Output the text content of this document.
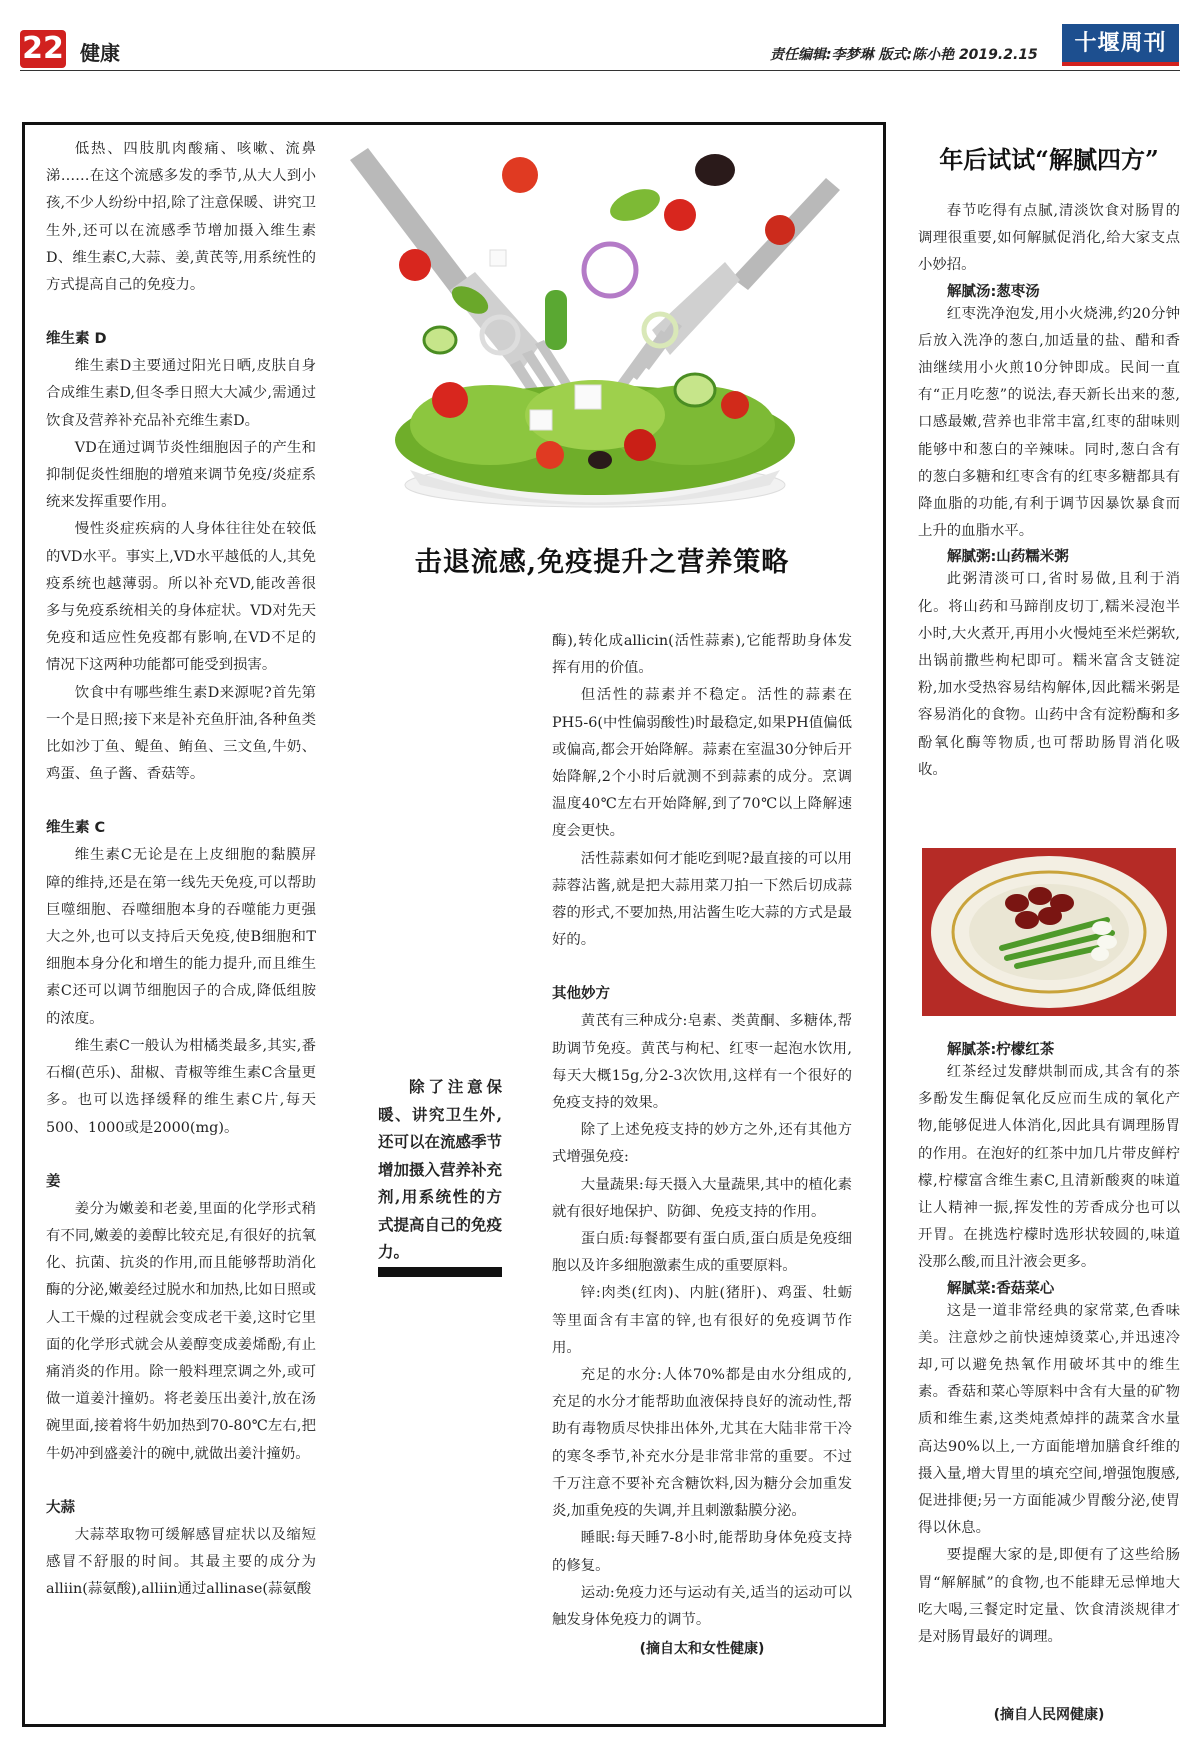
22 健康	责任编辑:李梦琳 版式:陈小艳 2019.2.15	十堰周刊
击退流感,免疫提升之营养策略

低热、四肢肌肉酸痛、咳嗽、流鼻涕……在这个流感多发的季节,从大人到小孩,不少人纷纷中招,除了注意保暖、讲究卫生外,还可以在流感季节增加摄入维生素D、维生素C,大蒜、姜,黄芪等,用系统性的方式提高自己的免疫力。

维生素 D

维生素D主要通过阳光日晒,皮肤自身合成维生素D,但冬季日照大大减少,需通过饮食及营养补充品补充维生素D。

VD在通过调节炎性细胞因子的产生和抑制促炎性细胞的增殖来调节免疫/炎症系统来发挥重要作用。

慢性炎症疾病的人身体往往处在较低的VD水平。事实上,VD水平越低的人,其免疫系统也越薄弱。所以补充VD,能改善很多与免疫系统相关的身体症状。VD对先天免疫和适应性免疫都有影响,在VD不足的情况下这两种功能都可能受到损害。

饮食中有哪些维生素D来源呢?首先第一个是日照;接下来是补充鱼肝油,各种鱼类比如沙丁鱼、鳀鱼、鲔鱼、三文鱼,牛奶、鸡蛋、鱼子酱、香菇等。

维生素 C

维生素C无论是在上皮细胞的黏膜屏障的维持,还是在第一线先天免疫,可以帮助巨噬细胞、吞噬细胞本身的吞噬能力更强大之外,也可以支持后天免疫,使B细胞和T细胞本身分化和增生的能力提升,而且维生素C还可以调节细胞因子的合成,降低组胺的浓度。

维生素C一般认为柑橘类最多,其实,番石榴(芭乐)、甜椒、青椒等维生素C含量更多。也可以选择缓释的维生素C片,每天500、1000或是2000(mg)。

姜

姜分为嫩姜和老姜,里面的化学形式稍有不同,嫩姜的姜醇比较充足,有很好的抗氧化、抗菌、抗炎的作用,而且能够帮助消化酶的分泌,嫩姜经过脱水和加热,比如日照或人工干燥的过程就会变成老干姜,这时它里面的化学形式就会从姜醇变成姜烯酚,有止痛消炎的作用。除一般料理烹调之外,或可做一道姜汁撞奶。将老姜压出姜汁,放在汤碗里面,接着将牛奶加热到70-80℃左右,把牛奶冲到盛姜汁的碗中,就做出姜汁撞奶。

大蒜

大蒜萃取物可缓解感冒症状以及缩短感冒不舒服的时间。其最主要的成分为alliin(蒜氨酸),alliin通过allinase(蒜氨酸

除了注意保暖、讲究卫生外,还可以在流感季节增加摄入营养补充剂,用系统性的方式提高自己的免疫力。

酶),转化成allicin(活性蒜素),它能帮助身体发挥有用的价值。

但活性的蒜素并不稳定。活性的蒜素在PH5-6(中性偏弱酸性)时最稳定,如果PH值偏低或偏高,都会开始降解。蒜素在室温30分钟后开始降解,2个小时后就测不到蒜素的成分。烹调温度40℃左右开始降解,到了70℃以上降解速度会更快。

活性蒜素如何才能吃到呢?最直接的可以用蒜蓉沾酱,就是把大蒜用菜刀拍一下然后切成蒜蓉的形式,不要加热,用沾酱生吃大蒜的方式是最好的。

其他妙方

黄芪有三种成分:皂素、类黄酮、多糖体,帮助调节免疫。黄芪与枸杞、红枣一起泡水饮用,每天大概15g,分2-3次饮用,这样有一个很好的免疫支持的效果。

除了上述免疫支持的妙方之外,还有其他方式增强免疫:

大量蔬果:每天摄入大量蔬果,其中的植化素就有很好地保护、防御、免疫支持的作用。

蛋白质:每餐都要有蛋白质,蛋白质是免疫细胞以及许多细胞激素生成的重要原料。

锌:肉类(红肉)、内脏(猪肝)、鸡蛋、牡蛎等里面含有丰富的锌,也有很好的免疫调节作用。

充足的水分:人体70%都是由水分组成的,充足的水分才能帮助血液保持良好的流动性,帮助有毒物质尽快排出体外,尤其在大陆非常干冷的寒冬季节,补充水分是非常非常的重要。不过千万注意不要补充含糖饮料,因为糖分会加重发炎,加重免疫的失调,并且刺激黏膜分泌。

睡眠:每天睡7-8小时,能帮助身体免疫支持的修复。

运动:免疫力还与运动有关,适当的运动可以触发身体免疫力的调节。

(摘自太和女性健康)
年后试试“解腻四方”

春节吃得有点腻,清淡饮食对肠胃的调理很重要,如何解腻促消化,给大家支点小妙招。

解腻汤:葱枣汤

红枣洗净泡发,用小火烧沸,约20分钟后放入洗净的葱白,加适量的盐、醋和香油继续用小火煎10分钟即成。民间一直有“正月吃葱”的说法,春天新长出来的葱,口感最嫩,营养也非常丰富,红枣的甜味则能够中和葱白的辛辣味。同时,葱白含有的葱白多糖和红枣含有的红枣多糖都具有降血脂的功能,有利于调节因暴饮暴食而上升的血脂水平。

解腻粥:山药糯米粥

此粥清淡可口,省时易做,且利于消化。将山药和马蹄削皮切丁,糯米浸泡半小时,大火煮开,再用小火慢炖至米烂粥软,出锅前撒些枸杞即可。糯米富含支链淀粉,加水受热容易结构解体,因此糯米粥是容易消化的食物。山药中含有淀粉酶和多酚氧化酶等物质,也可帮助肠胃消化吸收。

解腻茶:柠檬红茶

红茶经过发酵烘制而成,其含有的茶多酚发生酶促氧化反应而生成的氧化产物,能够促进人体消化,因此具有调理肠胃的作用。在泡好的红茶中加几片带皮鲜柠檬,柠檬富含维生素C,且清新酸爽的味道让人精神一振,挥发性的芳香成分也可以开胃。在挑选柠檬时选形状较圆的,味道没那么酸,而且汁液会更多。

解腻菜:香菇菜心

这是一道非常经典的家常菜,色香味美。注意炒之前快速焯烫菜心,并迅速冷却,可以避免热氧作用破坏其中的维生素。香菇和菜心等原料中含有大量的矿物质和维生素,这类炖煮焯拌的蔬菜含水量高达90%以上,一方面能增加膳食纤维的摄入量,增大胃里的填充空间,增强饱腹感,促进排便;另一方面能减少胃酸分泌,使胃得以休息。

要提醒大家的是,即便有了这些给肠胃“解解腻”的食物,也不能肆无忌惮地大吃大喝,三餐定时定量、饮食清淡规律才是对肠胃最好的调理。

(摘自人民网健康)
